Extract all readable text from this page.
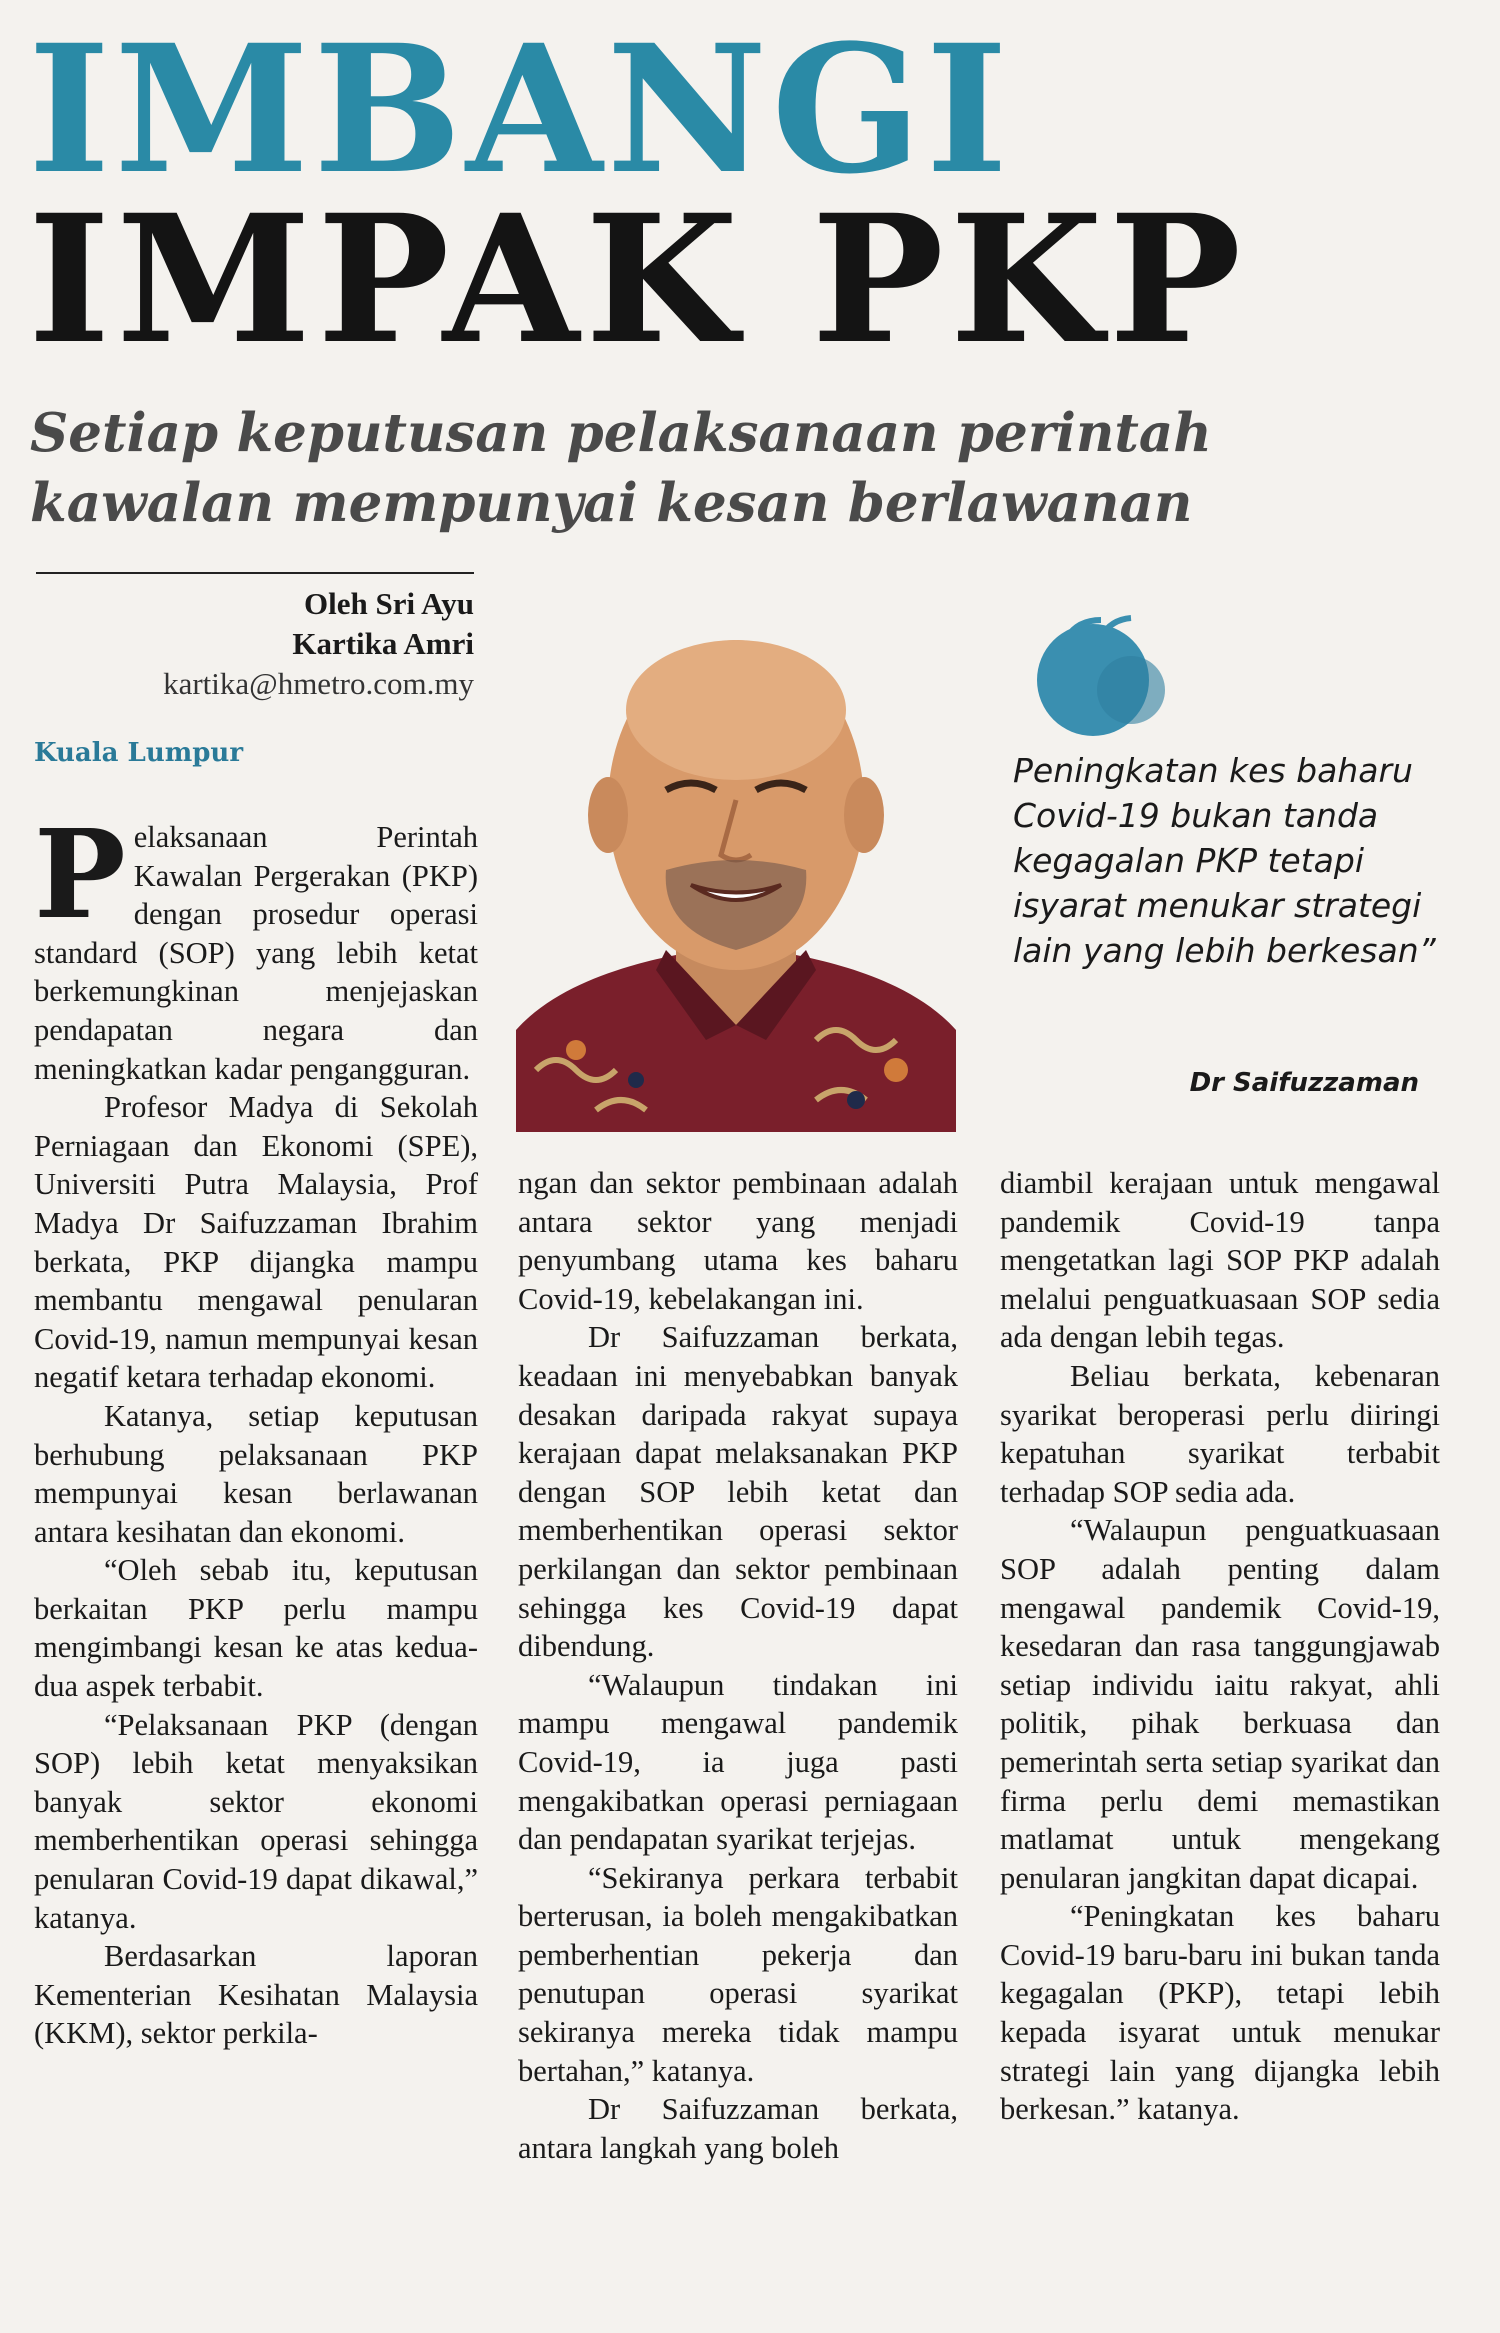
IMBANGI
IMPAK PKP
Setiap keputusan pelaksanaan perintah kawalan mempunyai kesan berlawanan
Oleh Sri Ayu
Kartika Amri
kartika@hmetro.com.my
Kuala Lumpur	Peningkatan kes baharu Covid-19 bukan tanda kegagalan PKP tetapi isyarat menukar strategi lain yang lebih berkesan”
Dr Saifuzzaman

Pelaksanaan Perintah Kawalan Pergerakan (PKP) dengan prosedur operasi standard (SOP) yang lebih ketat berkemungkinan menjejaskan pendapatan negara dan meningkatkan kadar pengangguran.

Profesor Madya di Sekolah Perniagaan dan Ekonomi (SPE), Universiti Putra Malaysia, Prof Madya Dr Saifuzzaman Ibrahim berkata, PKP dijangka mampu membantu mengawal penularan Covid-19, namun mempunyai kesan negatif ketara terhadap ekonomi.

Katanya, setiap keputusan berhubung pelaksanaan PKP mempunyai kesan berlawanan antara kesihatan dan ekonomi.

“Oleh sebab itu, keputusan berkaitan PKP perlu mampu mengimbangi kesan ke atas kedua-dua aspek terbabit.

“Pelaksanaan PKP (dengan SOP) lebih ketat menyaksikan banyak sektor ekonomi memberhentikan operasi sehingga penularan Covid-19 dapat dikawal,” katanya.

Berdasarkan laporan Kementerian Kesihatan Malaysia (KKM), sektor perkila-

ngan dan sektor pembinaan adalah antara sektor yang menjadi penyumbang utama kes baharu Covid-19, kebelakangan ini.

Dr Saifuzzaman berkata, keadaan ini menyebabkan banyak desakan daripada rakyat supaya kerajaan dapat melaksanakan PKP dengan SOP lebih ketat dan memberhentikan operasi sektor perkilangan dan sektor pembinaan sehingga kes Covid-19 dapat dibendung.

“Walaupun tindakan ini mampu mengawal pandemik Covid-19, ia juga pasti mengakibatkan operasi perniagaan dan pendapatan syarikat terjejas.

“Sekiranya perkara terbabit berterusan, ia boleh mengakibatkan pemberhentian pekerja dan penutupan operasi syarikat sekiranya mereka tidak mampu bertahan,” katanya.

Dr Saifuzzaman berkata, antara langkah yang boleh

diambil kerajaan untuk mengawal pandemik Covid-19 tanpa mengetatkan lagi SOP PKP adalah melalui penguatkuasaan SOP sedia ada dengan lebih tegas.

Beliau berkata, kebenaran syarikat beroperasi perlu diiringi kepatuhan syarikat terbabit terhadap SOP sedia ada.

“Walaupun penguatkuasaan SOP adalah penting dalam mengawal pandemik Covid-19, kesedaran dan rasa tanggungjawab setiap individu iaitu rakyat, ahli politik, pihak berkuasa dan pemerintah serta setiap syarikat dan firma perlu demi memastikan matlamat untuk mengekang penularan jangkitan dapat dicapai.

“Peningkatan kes baharu Covid-19 baru-baru ini bukan tanda kegagalan (PKP), tetapi lebih kepada isyarat untuk menukar strategi lain yang dijangka lebih berkesan.” katanya.
